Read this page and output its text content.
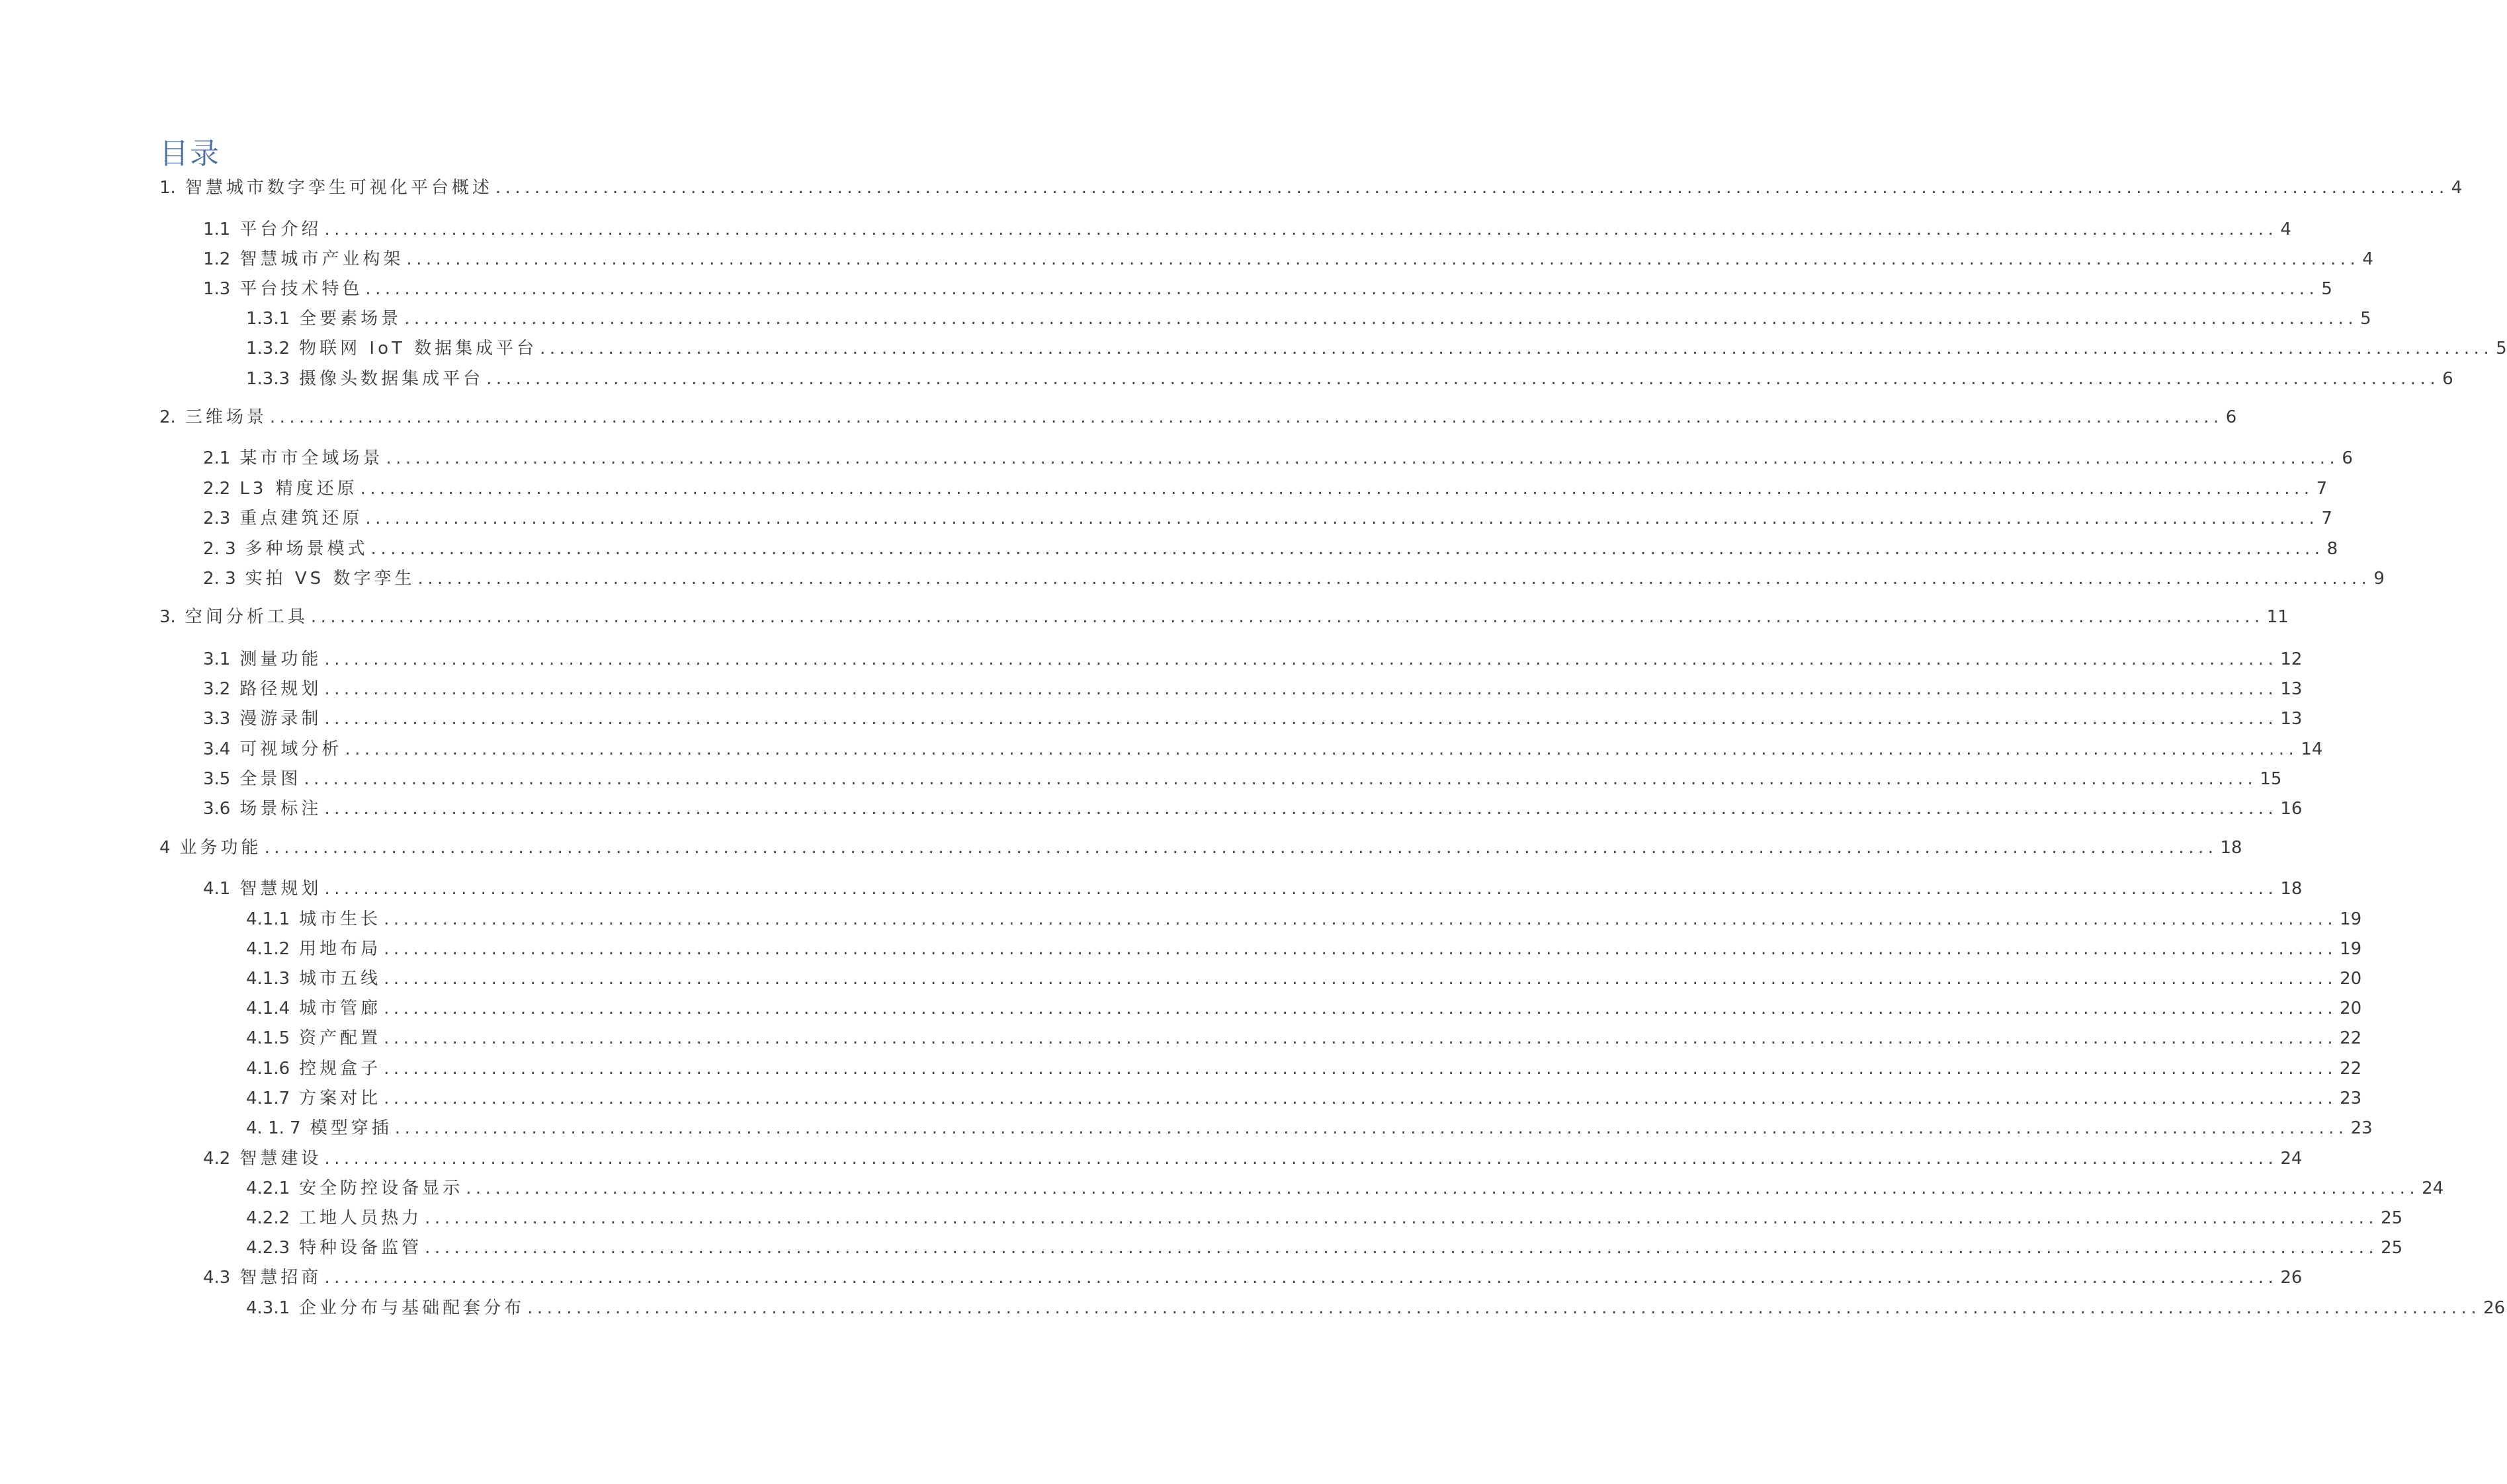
目录
1. 智慧城市数字孪生可视化平台概述 ........................................................................................................................................................................................................ 4
1.1 平台介绍 ........................................................................................................................................................................................................ 4
1.2 智慧城市产业构架 ........................................................................................................................................................................................................ 4
1.3 平台技术特色 ........................................................................................................................................................................................................ 5
1.3.1 全要素场景 ........................................................................................................................................................................................................ 5
1.3.2 物联网 IoT 数据集成平台 ........................................................................................................................................................................................................ 5
1.3.3 摄像头数据集成平台 ........................................................................................................................................................................................................ 6
2. 三维场景 ........................................................................................................................................................................................................ 6
2.1 某市市全域场景 ........................................................................................................................................................................................................ 6
2.2 L3 精度还原 ........................................................................................................................................................................................................ 7
2.3 重点建筑还原 ........................................................................................................................................................................................................ 7
2. 3 多种场景模式 ........................................................................................................................................................................................................ 8
2. 3 实拍 VS 数字孪生 ........................................................................................................................................................................................................ 9
3. 空间分析工具 ........................................................................................................................................................................................................ 11
3.1 测量功能 ........................................................................................................................................................................................................ 12
3.2 路径规划 ........................................................................................................................................................................................................ 13
3.3 漫游录制 ........................................................................................................................................................................................................ 13
3.4 可视域分析 ........................................................................................................................................................................................................ 14
3.5 全景图 ........................................................................................................................................................................................................ 15
3.6 场景标注 ........................................................................................................................................................................................................ 16
4 业务功能 ........................................................................................................................................................................................................ 18
4.1 智慧规划 ........................................................................................................................................................................................................ 18
4.1.1 城市生长 ........................................................................................................................................................................................................ 19
4.1.2 用地布局 ........................................................................................................................................................................................................ 19
4.1.3 城市五线 ........................................................................................................................................................................................................ 20
4.1.4 城市管廊 ........................................................................................................................................................................................................ 20
4.1.5 资产配置 ........................................................................................................................................................................................................ 22
4.1.6 控规盒子 ........................................................................................................................................................................................................ 22
4.1.7 方案对比 ........................................................................................................................................................................................................ 23
4. 1. 7 模型穿插 ........................................................................................................................................................................................................ 23
4.2 智慧建设 ........................................................................................................................................................................................................ 24
4.2.1 安全防控设备显示 ........................................................................................................................................................................................................ 24
4.2.2 工地人员热力 ........................................................................................................................................................................................................ 25
4.2.3 特种设备监管 ........................................................................................................................................................................................................ 25
4.3 智慧招商 ........................................................................................................................................................................................................ 26
4.3.1 企业分布与基础配套分布 ........................................................................................................................................................................................................ 26
